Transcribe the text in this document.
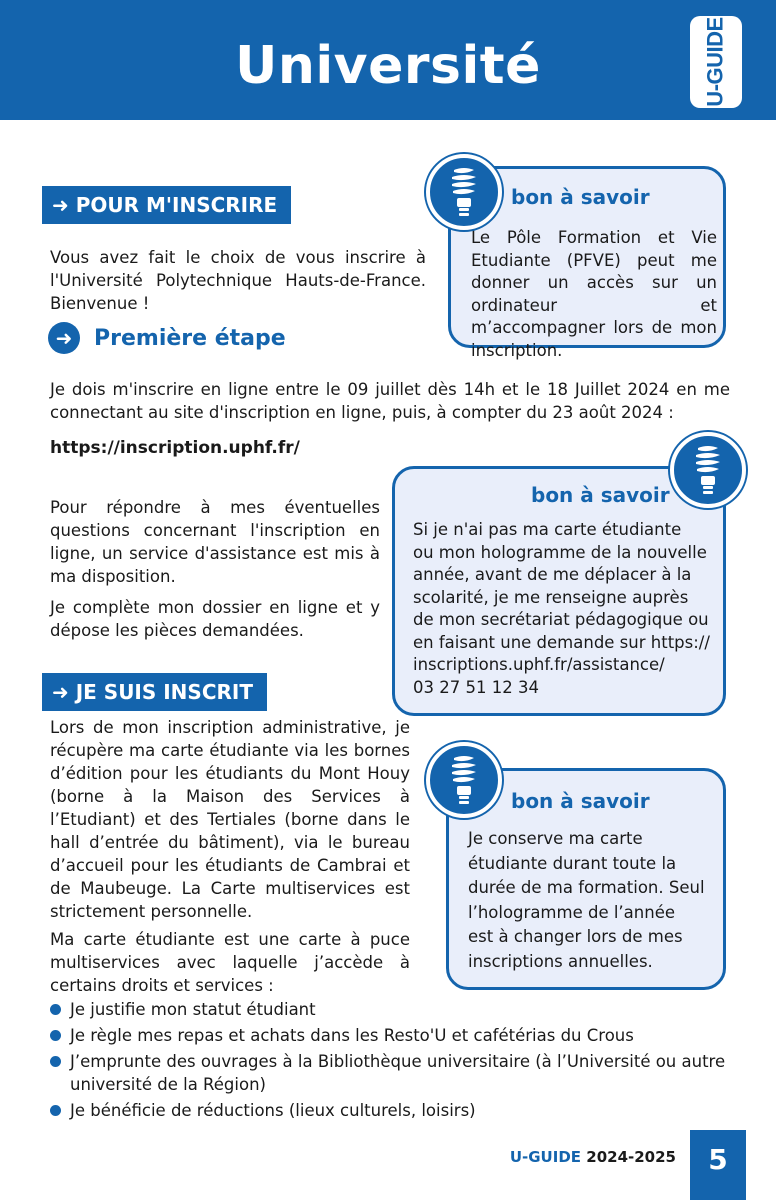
Université	U-GUIDE
➜ POUR M'INSCRIRE
Vous avez fait le choix de vous inscrire à l'Université Polytechnique Hauts-de-France. Bienvenue !
➜ Première étape
Je dois m'inscrire en ligne entre le 09 juillet dès 14h et le 18 Juillet 2024 en me connectant au site d'inscription en ligne, puis, à compter du 23 août 2024 :
https://inscription.uphf.fr/
Pour répondre à mes éventuelles questions concernant l'inscription en ligne, un service d'assistance est mis à ma disposition.
Je complète mon dossier en ligne et y dépose les pièces demandées.
➜ JE SUIS INSCRIT
Lors de mon inscription administrative, je récupère ma carte étudiante via les bornes d’édition pour les étudiants du Mont Houy (borne à la Maison des Services à l’Etudiant) et des Tertiales (borne dans le hall d’entrée du bâtiment), via le bureau d’accueil pour les étudiants de Cambrai et de Maubeuge. La Carte multiservices est strictement personnelle.
Ma carte étudiante est une carte à puce multiservices avec laquelle j’accède à certains droits et services :
Je justifie mon statut étudiant
Je règle mes repas et achats dans les Resto'U et cafétérias du Crous
J’emprunte des ouvrages à la Bibliothèque universitaire (à l’Université ou autre université de la Région)
Je bénéficie de réductions (lieux culturels, loisirs)
bon à savoir
Le Pôle Formation et Vie Etudiante (PFVE) peut me donner un accès sur un ordinateur et m’accompagner lors de mon inscription.
bon à savoir
Si je n'ai pas ma carte étudiante
ou mon hologramme de la nouvelle
année, avant de me déplacer à la
scolarité, je me renseigne auprès
de mon secrétariat pédagogique ou
en faisant une demande sur https://
inscriptions.uphf.fr/assistance/
03 27 51 12 34
bon à savoir
Je conserve ma carte
étudiante durant toute la
durée de ma formation. Seul
l’hologramme de l’année
est à changer lors de mes
inscriptions annuelles.
U-GUIDE 2024-2025	5
